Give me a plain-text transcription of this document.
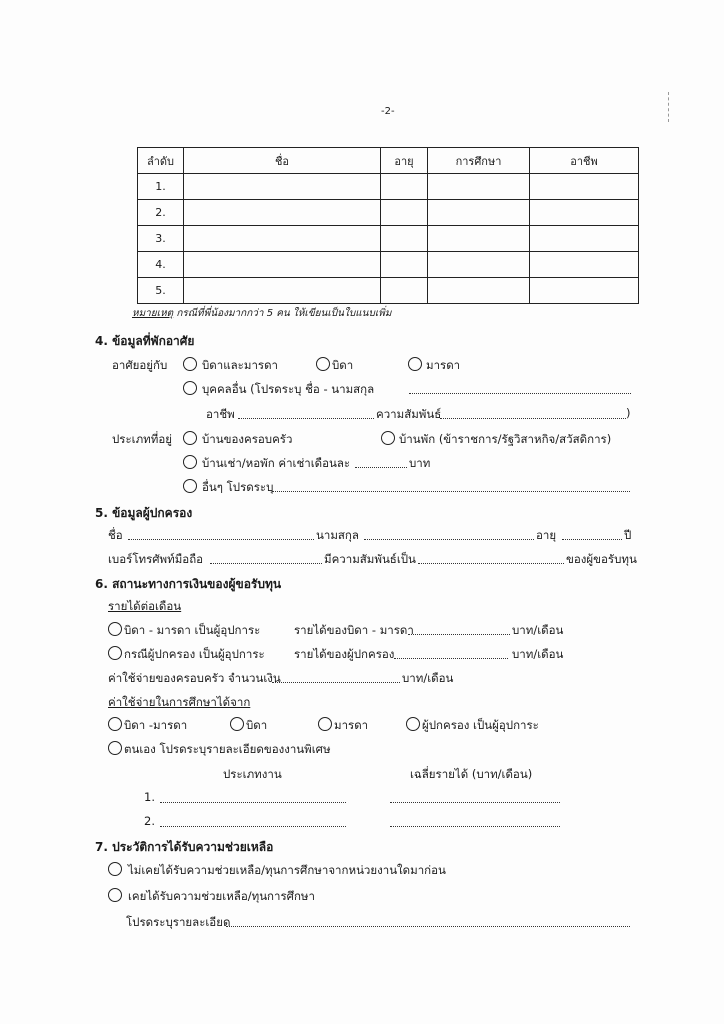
-2-
ลำดับ	ชื่อ	อายุ	การศึกษา	อาชีพ
1.				
2.				
3.				
4.				
5.				
หมายเหตุ กรณีที่พี่น้องมากกว่า 5 คน ให้เขียนเป็นใบแนบเพิ่ม
4. ข้อมูลที่พักอาศัย
อาศัยอยู่กับ	บิดาและมารดา	บิดา	มารดา
บุคคลอื่น (โปรดระบุ ชื่อ - นามสกุล
อาชีพ	ความสัมพันธ์	)
ประเภทที่อยู่	บ้านของครอบครัว	บ้านพัก (ข้าราชการ/รัฐวิสาหกิจ/สวัสดิการ)
บ้านเช่า/หอพัก ค่าเช่าเดือนละ	บาท
อื่นๆ โปรดระบุ
5. ข้อมูลผู้ปกครอง
ชื่อ	นามสกุล	อายุ	ปี
เบอร์โทรศัพท์มือถือ	มีความสัมพันธ์เป็น	ของผู้ขอรับทุน
6. สถานะทางการเงินของผู้ขอรับทุน
รายได้ต่อเดือน
บิดา - มารดา เป็นผู้อุปการะ	รายได้ของบิดา - มารดา	บาท/เดือน
กรณีผู้ปกครอง เป็นผู้อุปการะ	รายได้ของผู้ปกครอง	บาท/เดือน
ค่าใช้จ่ายของครอบครัว จำนวนเงิน	บาท/เดือน
ค่าใช้จ่ายในการศึกษาได้จาก
บิดา -มารดา	บิดา	มารดา	ผู้ปกครอง เป็นผู้อุปการะ
ตนเอง โปรดระบุรายละเอียดของงานพิเศษ
ประเภทงาน	เฉลี่ยรายได้ (บาท/เดือน)
1.
2.
7. ประวัติการได้รับความช่วยเหลือ
ไม่เคยได้รับความช่วยเหลือ/ทุนการศึกษาจากหน่วยงานใดมาก่อน
เคยได้รับความช่วยเหลือ/ทุนการศึกษา
โปรดระบุรายละเอียด
